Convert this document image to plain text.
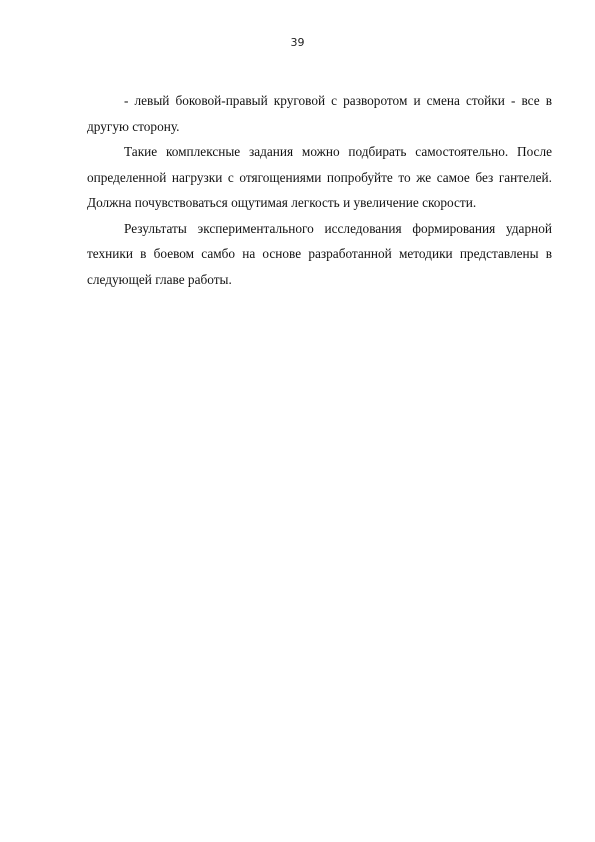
39

- левый боковой-правый круговой с разворотом и смена стойки - все в другую сторону.

Такие комплексные задания можно подбирать самостоятельно. После определенной нагрузки с отягощениями попробуйте то же самое без гантелей. Должна почувствоваться ощутимая легкость и увеличение скорости.

Результаты экспериментального исследования формирования ударной техники в боевом самбо на основе разработанной методики представлены в следующей главе работы.
